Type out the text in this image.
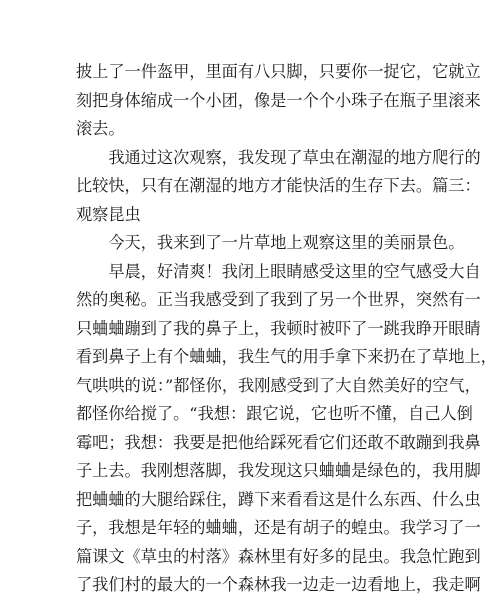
披上了一件盔甲，里面有八只脚，只要你一捉它，它就立
刻把身体缩成一个小团，像是一个个小珠子在瓶子里滚来
滚去。
　　我通过这次观察，我发现了草虫在潮湿的地方爬行的
比较快，只有在潮湿的地方才能快活的生存下去。篇三：
观察昆虫
　　今天，我来到了一片草地上观察这里的美丽景色。
　　早晨，好清爽！我闭上眼睛感受这里的空气感受大自
然的奥秘。正当我感受到了我到了另一个世界，突然有一
只蛐蛐蹦到了我的鼻子上，我顿时被吓了一跳我睁开眼睛
看到鼻子上有个蛐蛐，我生气的用手拿下来扔在了草地上，
气哄哄的说：”都怪你，我刚感受到了大自然美好的空气，
都怪你给搅了。“我想：跟它说，它也听不懂，自己人倒
霉吧；我想：我要是把他给踩死看它们还敢不敢蹦到我鼻
子上去。我刚想落脚，我发现这只蛐蛐是绿色的，我用脚
把蛐蛐的大腿给踩住，蹲下来看看这是什么东西、什么虫
子，我想是年轻的蛐蛐，还是有胡子的蝗虫。我学习了一
篇课文《草虫的村落》森林里有好多的昆虫。我急忙跑到
了我们村的最大的一个森林我一边走一边看地上，我走啊
